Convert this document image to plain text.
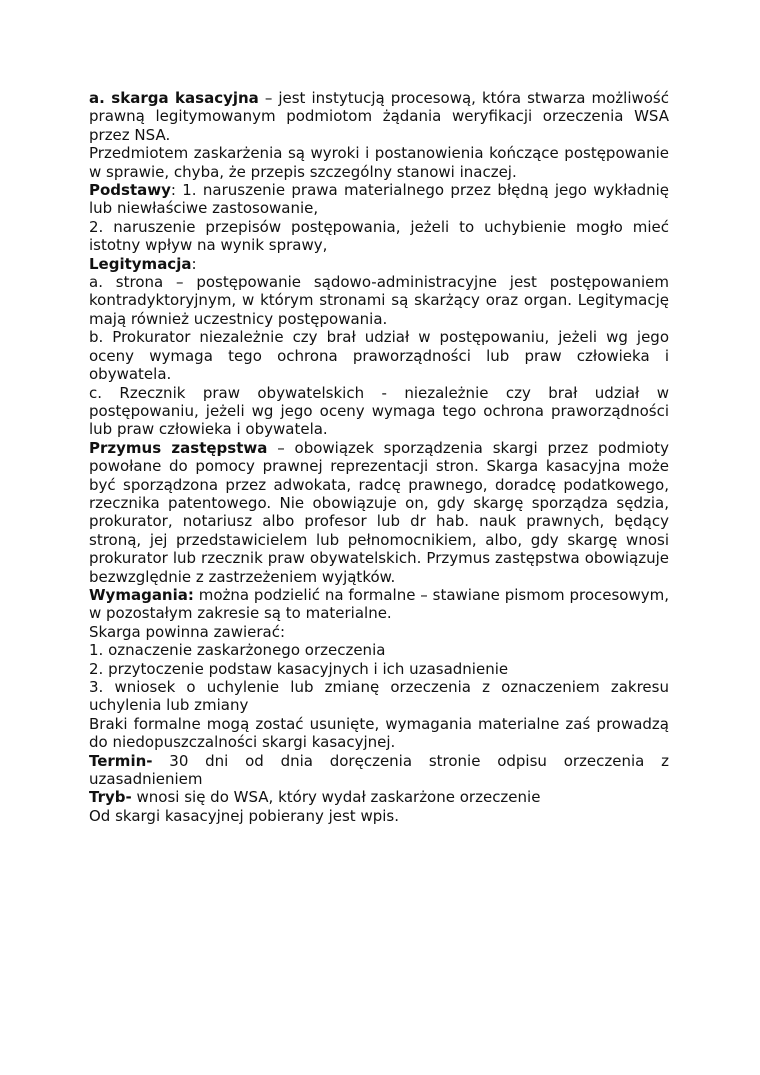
a. skarga kasacyjna – jest instytucją procesową, która stwarza możliwość prawną legitymowanym podmiotom żądania weryfikacji orzeczenia WSA przez NSA.

Przedmiotem zaskarżenia są wyroki i postanowienia kończące postępowanie w sprawie, chyba, że przepis szczególny stanowi inaczej.

Podstawy: 1. naruszenie prawa materialnego przez błędną jego wykładnię lub niewłaściwe zastosowanie,

2. naruszenie przepisów postępowania, jeżeli to uchybienie mogło mieć istotny wpływ na wynik sprawy,

Legitymacja:

a. strona – postępowanie sądowo-administracyjne jest postępowaniem kontradyktoryjnym, w którym stronami są skarżący oraz organ. Legitymację mają również uczestnicy postępowania.

b. Prokurator niezależnie czy brał udział w postępowaniu, jeżeli wg jego oceny wymaga tego ochrona praworządności lub praw człowieka i obywatela.

c. Rzecznik praw obywatelskich - niezależnie czy brał udział w postępowaniu, jeżeli wg jego oceny wymaga tego ochrona praworządności lub praw człowieka i obywatela.

Przymus zastępstwa – obowiązek sporządzenia skargi przez podmioty powołane do pomocy prawnej reprezentacji stron. Skarga kasacyjna może być sporządzona przez adwokata, radcę prawnego, doradcę podatkowego, rzecznika patentowego. Nie obowiązuje on, gdy skargę sporządza sędzia, prokurator, notariusz albo profesor lub dr hab. nauk prawnych, będący stroną, jej przedstawicielem lub pełnomocnikiem, albo, gdy skargę wnosi prokurator lub rzecznik praw obywatelskich. Przymus zastępstwa obowiązuje bezwzględnie z zastrzeżeniem wyjątków.

Wymagania: można podzielić na formalne – stawiane pismom procesowym, w pozostałym zakresie są to materialne.

Skarga powinna zawierać:

1. oznaczenie zaskarżonego orzeczenia

2. przytoczenie podstaw kasacyjnych i ich uzasadnienie

3. wniosek o uchylenie lub zmianę orzeczenia z oznaczeniem zakresu uchylenia lub zmiany

Braki formalne mogą zostać usunięte, wymagania materialne zaś prowadzą do niedopuszczalności skargi kasacyjnej.

Termin- 30 dni od dnia doręczenia stronie odpisu orzeczenia z uzasadnieniem

Tryb- wnosi się do WSA, który wydał zaskarżone orzeczenie

Od skargi kasacyjnej pobierany jest wpis.
